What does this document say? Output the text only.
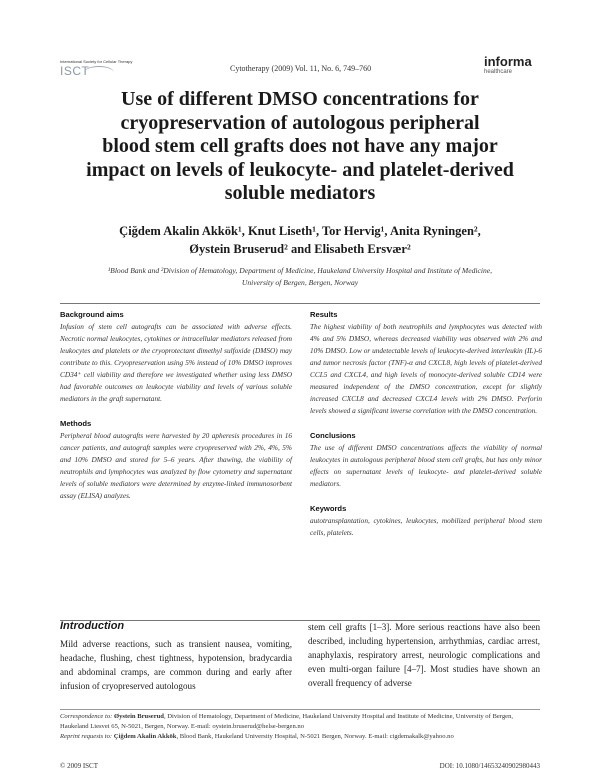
International Society for Cellular Therapy
ISCT	Cytotherapy (2009) Vol. 11, No. 6, 749–760	informa
healthcare
Use of different DMSO concentrations for
cryopreservation of autologous peripheral
blood stem cell grafts does not have any major
impact on levels of leukocyte- and platelet-derived
soluble mediators
Çiğdem Akalin Akkök¹, Knut Liseth¹, Tor Hervig¹, Anita Ryningen²,
Øystein Bruserud² and Elisabeth Ersvær²
¹Blood Bank and ²Division of Hematology, Department of Medicine, Haukeland University Hospital and Institute of Medicine,
University of Bergen, Bergen, Norway
Background aims

Infusion of stem cell autografts can be associated with adverse effects. Necrotic normal leukocytes, cytokines or intracellular mediators released from leukocytes and platelets or the cryoprotectant dimethyl sulfoxide (DMSO) may contribute to this. Cryopreservation using 5% instead of 10% DMSO improves CD34⁺ cell viability and therefore we investigated whether using less DMSO had favorable outcomes on leukocyte viability and levels of various soluble mediators in the graft supernatant.

Methods

Peripheral blood autografts were harvested by 20 apheresis procedures in 16 cancer patients, and autograft samples were cryopreserved with 2%, 4%, 5% and 10% DMSO and stored for 5–6 years. After thawing, the viability of neutrophils and lymphocytes was analyzed by flow cytometry and supernatant levels of soluble mediators were determined by enzyme-linked immunosorbent assay (ELISA) analyzes.

Results

The highest viability of both neutrophils and lymphocytes was detected with 4% and 5% DMSO, whereas decreased viability was observed with 2% and 10% DMSO. Low or undetectable levels of leukocyte-derived interleukin (IL)-6 and tumor necrosis factor (TNF)-α and CXCL8, high levels of platelet-derived CCL5 and CXCL4, and high levels of monocyte-derived soluble CD14 were measured independent of the DMSO concentration, except for slightly increased CXCL8 and decreased CXCL4 levels with 2% DMSO. Perforin levels showed a significant inverse correlation with the DMSO concentration.

Conclusions

The use of different DMSO concentrations affects the viability of normal leukocytes in autologous peripheral blood stem cell grafts, but has only minor effects on supernatant levels of leukocyte- and platelet-derived soluble mediators.

Keywords

autotransplantation, cytokines, leukocytes, mobilized peripheral blood stem cells, platelets.

Introduction

Mild adverse reactions, such as transient nausea, vomiting, headache, flushing, chest tightness, hypotension, bradycardia and abdominal cramps, are common during and early after infusion of cryopreserved autologous

stem cell grafts [1–3]. More serious reactions have also been described, including hypertension, arrhythmias, cardiac arrest, anaphylaxis, respiratory arrest, neurologic complications and even multi-organ failure [4–7]. Most studies have shown an overall frequency of adverse

Correspondence to: Øystein Bruserud, Division of Hematology, Department of Medicine, Haukeland University Hospital and Institute of Medicine, University of Bergen, Haukeland Liesvei 65, N-5021, Bergen, Norway. E-mail: oystein.bruserud@helse-bergen.no

Reprint requests to: Çiğdem Akalin Akkök, Blood Bank, Haukeland University Hospital, N-5021 Bergen, Norway. E-mail: cigdemakalk@yahoo.no

© 2009 ISCT	DOI: 10.1080/14653240902980443
